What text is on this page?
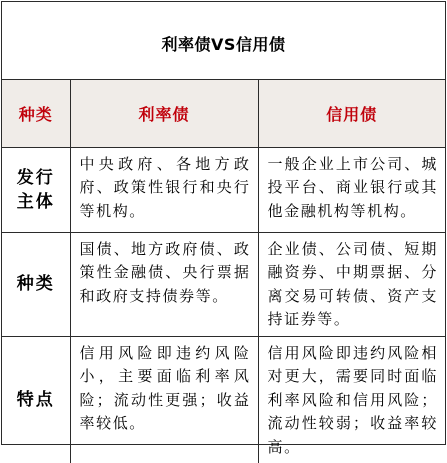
利率债VS信用债		
种类	利率债	信用债

发行
主体	中央政府、各地方政府、政策性银行和央行等机构。	一般企业上市公司、城投平台、商业银行或其他金融机构等机构。

种类	国债、地方政府债、政策性金融债、央行票据和政府支持债券等。	企业债、公司债、短期融资券、中期票据、分离交易可转债、资产支持证券等。

特点	信用风险即违约风险小，主要面临利率风险；流动性更强；收益率较低。	信用风险即违约风险相对更大，需要同时面临利率风险和信用风险；流动性较弱；收益率较高。
